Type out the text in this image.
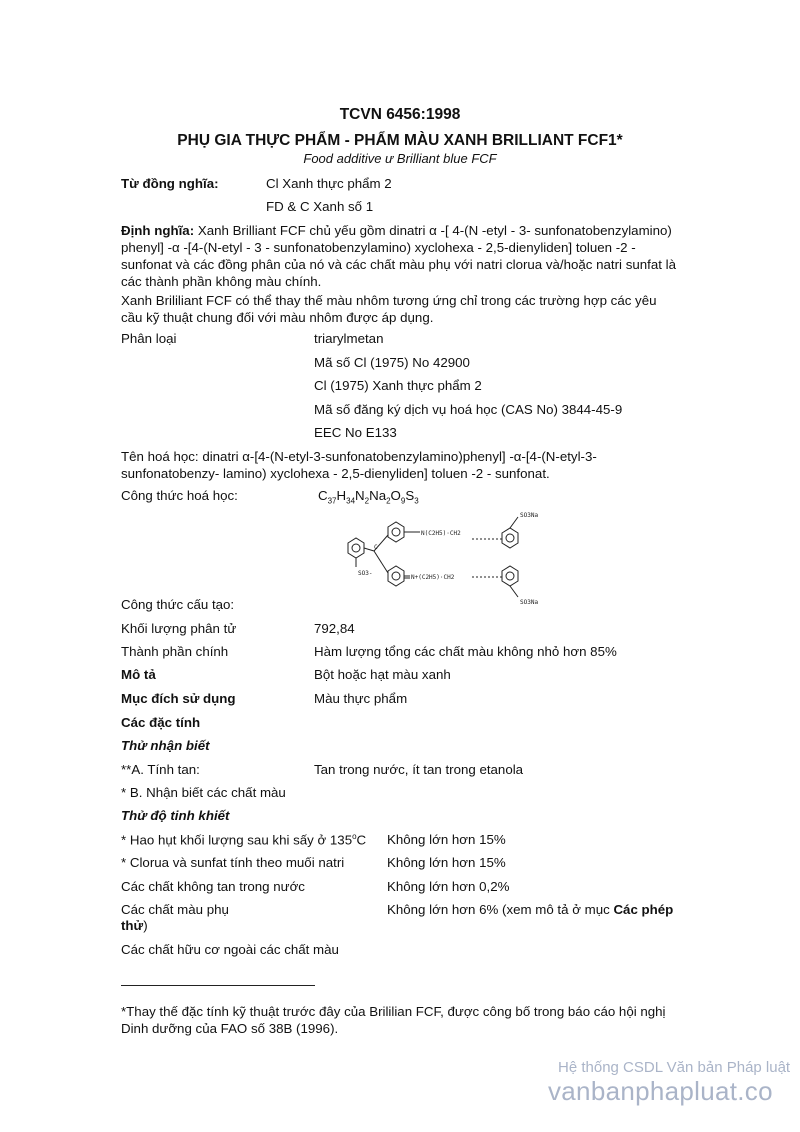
TCVN 6456:1998
PHỤ GIA THỰC PHẨM - PHẨM MÀU XANH BRILLIANT FCF1*
Food additive ư Brilliant blue FCF
Từ đồng nghĩa:	Cl Xanh thực phẩm 2
FD & C Xanh số 1
Định nghĩa: Xanh Brilliant FCF chủ yếu gồm dinatri α -[ 4-(N -etyl - 3- sunfonatobenzylamino) phenyl] -α -[4-(N-etyl - 3 - sunfonatobenzylamino) xyclohexa - 2,5-dienyliden] toluen -2 - sunfonat và các đồng phân của nó và các chất màu phụ với natri clorua và/hoặc natri sunfat là các thành phần không màu chính.
Xanh Brililiant FCF có thể thay thế màu nhôm tương ứng chỉ trong các trường hợp các yêu cầu kỹ thuật chung đối với màu nhôm được áp dụng.
Phân loại	triarylmetan
Mã số Cl (1975) No 42900
Cl (1975) Xanh thực phẩm 2
Mã số đăng ký dịch vụ hoá học (CAS No) 3844-45-9
EEC No E133
Tên hoá học: dinatri α-[4-(N-etyl-3-sunfonatobenzylamino)phenyl] -α-[4-(N-etyl-3-sunfonatobenzy- lamino) xyclohexa - 2,5-dienyliden] toluen -2 - sunfonat.
Công thức hoá học:	$C_{37}H_{34}N_2Na_2O_9S_3$
C
SO3Na
N(C2H5)·CH2
N+(C2H5)·CH2
SO3-
SO3Na
Công thức cấu tạo:
Khối lượng phân tử	792,84
Thành phần chính	Hàm lượng tổng các chất màu không nhỏ hơn 85%
Mô tả	Bột hoặc hạt màu xanh
Mục đích sử dụng	Màu thực phẩm
Các đặc tính
Thử nhận biết
**A. Tính tan:	Tan trong nước, ít tan trong etanola
* B. Nhận biết các chất màu
Thử độ tinh khiết
* Hao hụt khối lượng sau khi sấy ở 135$^o$C Không lớn hơn 15%
* Clorua và sunfat tính theo muối natri	Không lớn hơn 15%
Các chất không tan trong nước	Không lớn hơn 0,2%
Các chất màu phụ	Không lớn hơn 6% (xem mô tả ở mục Các phép
thử)
Các chất hữu cơ ngoài các chất màu
*Thay thế đặc tính kỹ thuật trước đây của Brililian FCF, được công bố trong báo cáo hội nghị Dinh dưỡng của FAO số 38B (1996).
Hệ thống CSDL Văn bản Pháp luật
vanbanphapluat.co
